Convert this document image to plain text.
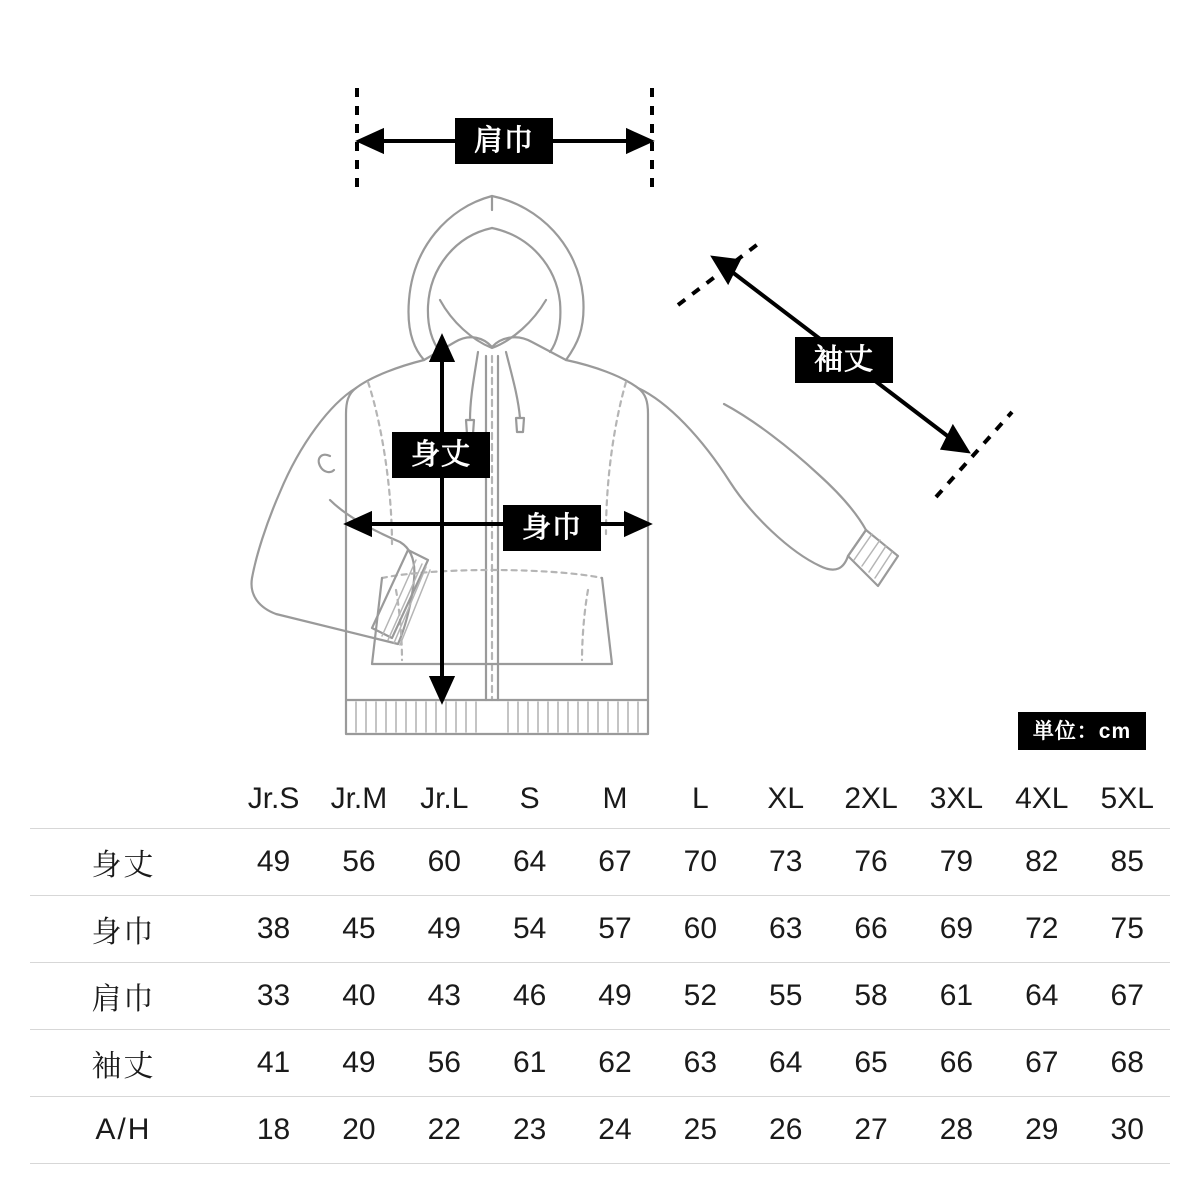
肩巾
袖丈
身丈
身巾
単位：cm
	Jr.S	Jr.M	Jr.L	S	M	L	XL	2XL	3XL	4XL	5XL
身丈	49	56	60	64	67	70	73	76	79	82	85
身巾	38	45	49	54	57	60	63	66	69	72	75
肩巾	33	40	43	46	49	52	55	58	61	64	67
袖丈	41	49	56	61	62	63	64	65	66	67	68
A/H	18	20	22	23	24	25	26	27	28	29	30
